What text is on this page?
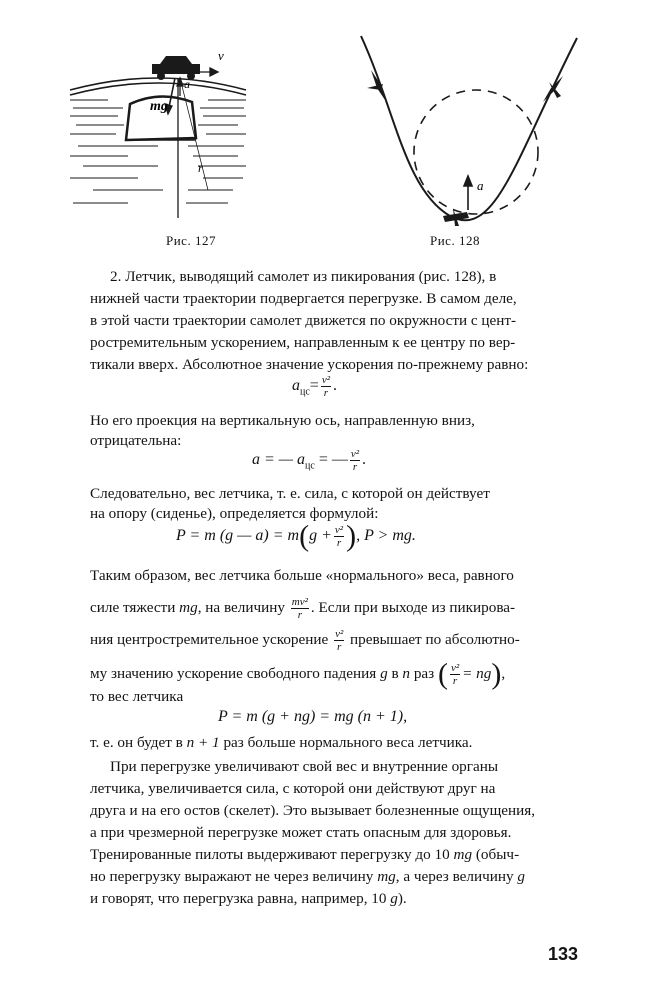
v
a
mg
r
Рис. 127
a
Рис. 128
2. Летчик, выводящий самолет из пикирования (рис. 128), в
нижней части траектории подвергается перегрузке. В самом деле,
в этой части траектории самолет движется по окружности с цент-
ростремительным ускорением, направленным к ее центру по вер-
тикали вверх. Абсолютное значение ускорения по-прежнему равно:
$a_{цс}= \frac{\text{v²}}{r}$ .
Но его проекция на вертикальную ось, направленную вниз,
отрицательна:
a = — $a_{цс}$ = — $\frac{\text{v²}}{r}$ .
Следовательно, вес летчика, т. е. сила, с которой он действует
на опору (сиденье), определяется формулой:
P = m (g — $a) = m(g + \frac{\text{v²}}{r}$ ), P > mg.
Таким образом, вес летчика больше «нормального» веса, равного
силе тяжести mg, на величину $\frac{\text{mv²}}{r}$ . Если при выходе из пикирова-
ния центростремительное ускорение $\frac{\text{v²}}{r}$ превышает по абсолютно-
му значению ускорение свободного падения g в n раз ( $\frac{\text{v²}}{r} = ng$),
то вес летчика
P = m (g + ng) = mg (n + 1),
т. е. он будет в n + 1 раз больше нормального веса летчика.
При перегрузке увеличивают свой вес и внутренние органы
летчика, увеличивается сила, с которой они действуют друг на
друга и на его остов (скелет). Это вызывает болезненные ощущения,
а при чрезмерной перегрузке может стать опасным для здоровья.
Тренированные пилоты выдерживают перегрузку до 10 mg (обыч-
но перегрузку выражают не через величину mg, а через величину g
и говорят, что перегрузка равна, например, 10 g).
133
